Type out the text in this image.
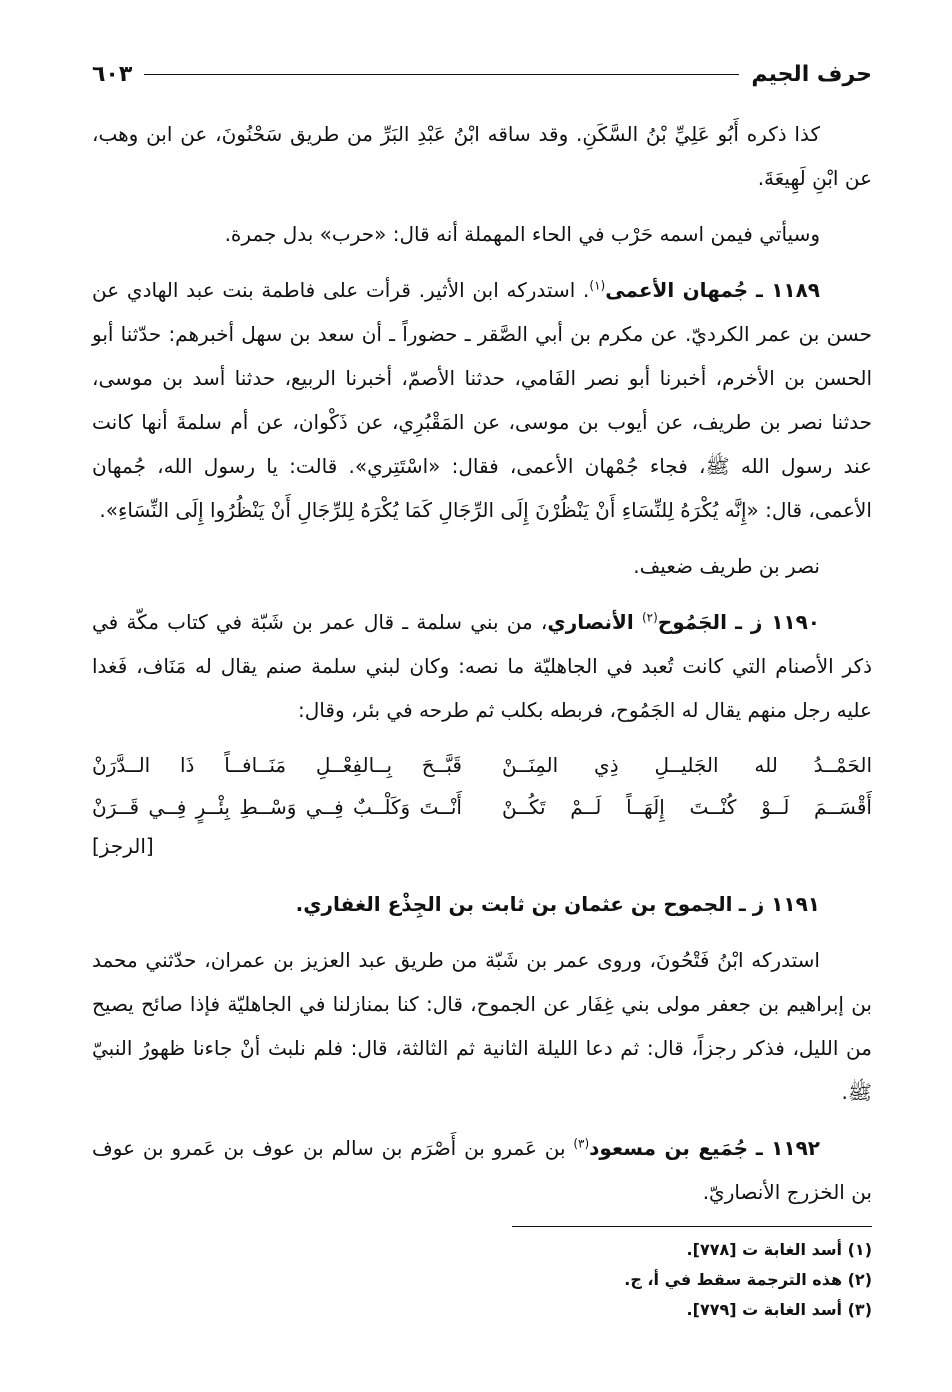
حرف الجيم
٦٠٣

كذا ذكره أَبُو عَلِيِّ بْنُ السَّكَنِ. وقد ساقه ابْنُ عَبْدِ البَرِّ من طريق سَحْنُونَ، عن ابن وهب، عن ابْنِ لَهِيعَةَ.

وسيأتي فيمن اسمه حَرْب في الحاء المهملة أنه قال: «حرب» بدل جمرة.

١١٨٩ ـ جُمهان الأعمى$^{(١)}$. استدركه ابن الأثير. قرأت على فاطمة بنت عبد الهادي عن حسن بن عمر الكرديّ. عن مكرم بن أبي الصَّقر ـ حضوراً ـ أن سعد بن سهل أخبرهم: حدّثنا أبو الحسن بن الأخرم، أخبرنا أبو نصر الفَامي، حدثنا الأصمّ، أخبرنا الربيع، حدثنا أسد بن موسى، حدثنا نصر بن طريف، عن أيوب بن موسى، عن المَقْبُرِي، عن ذَكْوان، عن أم سلمةَ أنها كانت عند رسول الله ﷺ، فجاء جُمْهان الأعمى، فقال: «اسْتَتِري». قالت: يا رسول الله، جُمهان الأعمى، قال: «إِنَّه يُكْرَهُ لِلنِّسَاءِ أَنْ يَنْظُرْنَ إِلَى الرِّجَالِ كَمَا يُكْرَهُ لِلرِّجَالِ أَنْ يَنْظُرُوا إِلَى النِّسَاءِ».

نصر بن طريف ضعيف.

١١٩٠ ز ـ الجَمُوح$^{(٢)}$ الأنصاري، من بني سلمة ـ قال عمر بن شَبّة في كتاب مكّة في ذكر الأصنام التي كانت تُعبد في الجاهليّة ما نصه: وكان لبني سلمة صنم يقال له مَنَاف، فَغدا عليه رجل منهم يقال له الجَمُوح، فربطه بكلب ثم طرحه في بئر، وقال:

الحَمْــدُ لله الجَليــلِ ذِي المِنَــنْ
قَبَّــحَ بِــالفِعْــلِ مَنَــافــاً ذَا الــدَّرَنْ
أَقْسَــمَ لَــوْ كُنْــتَ إِلَهَــاً لَــمْ تَكُــنْ
أَنْــتَ وَكَلْــبٌ فِــي وَسْــطِ بِئْــرٍ فِــي قَــرَنْ

[الرجز]

١١٩١ ز ـ الجموح بن عثمان بن ثابت بن الجِذْع الغفاري.

استدركه ابْنُ فَتْحُونَ، وروى عمر بن شَبّة من طريق عبد العزيز بن عمران، حدّثني محمد بن إبراهيم بن جعفر مولى بني غِفَار عن الجموح، قال: كنا بمنازلنا في الجاهليّة فإذا صائح يصيح من الليل، فذكر رجزاً، قال: ثم دعا الليلة الثانية ثم الثالثة، قال: فلم نلبث أنْ جاءنا ظهورُ النبيّ ﷺ.

١١٩٢ ـ جُمَيع بن مسعود$^{(٣)}$ بن عَمرو بن أَصْرَم بن سالم بن عوف بن عَمرو بن عوف بن الخزرج الأنصاريّ.

(١) أسد الغابة ت [٧٧٨].

(٢) هذه الترجمة سقط في أ، ج.

(٣) أسد الغابة ت [٧٧٩].
